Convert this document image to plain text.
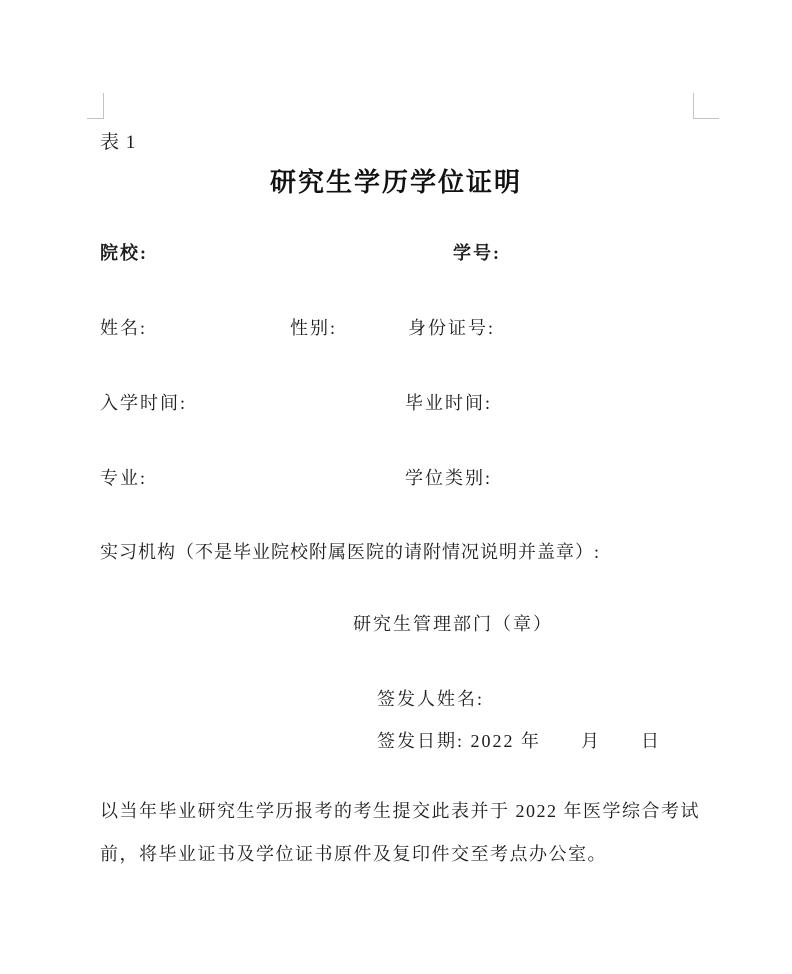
表 1
研究生学历学位证明
院校:	学号:
姓名:	性别:	身份证号:
入学时间:	毕业时间:
专业:	学位类别:
实习机构（不是毕业院校附属医院的请附情况说明并盖章）:
研究生管理部门（章）
签发人姓名:
签发日期: 2022 年　　月　　日
以当年毕业研究生学历报考的考生提交此表并于 2022 年医学综合考试
前，将毕业证书及学位证书原件及复印件交至考点办公室。
